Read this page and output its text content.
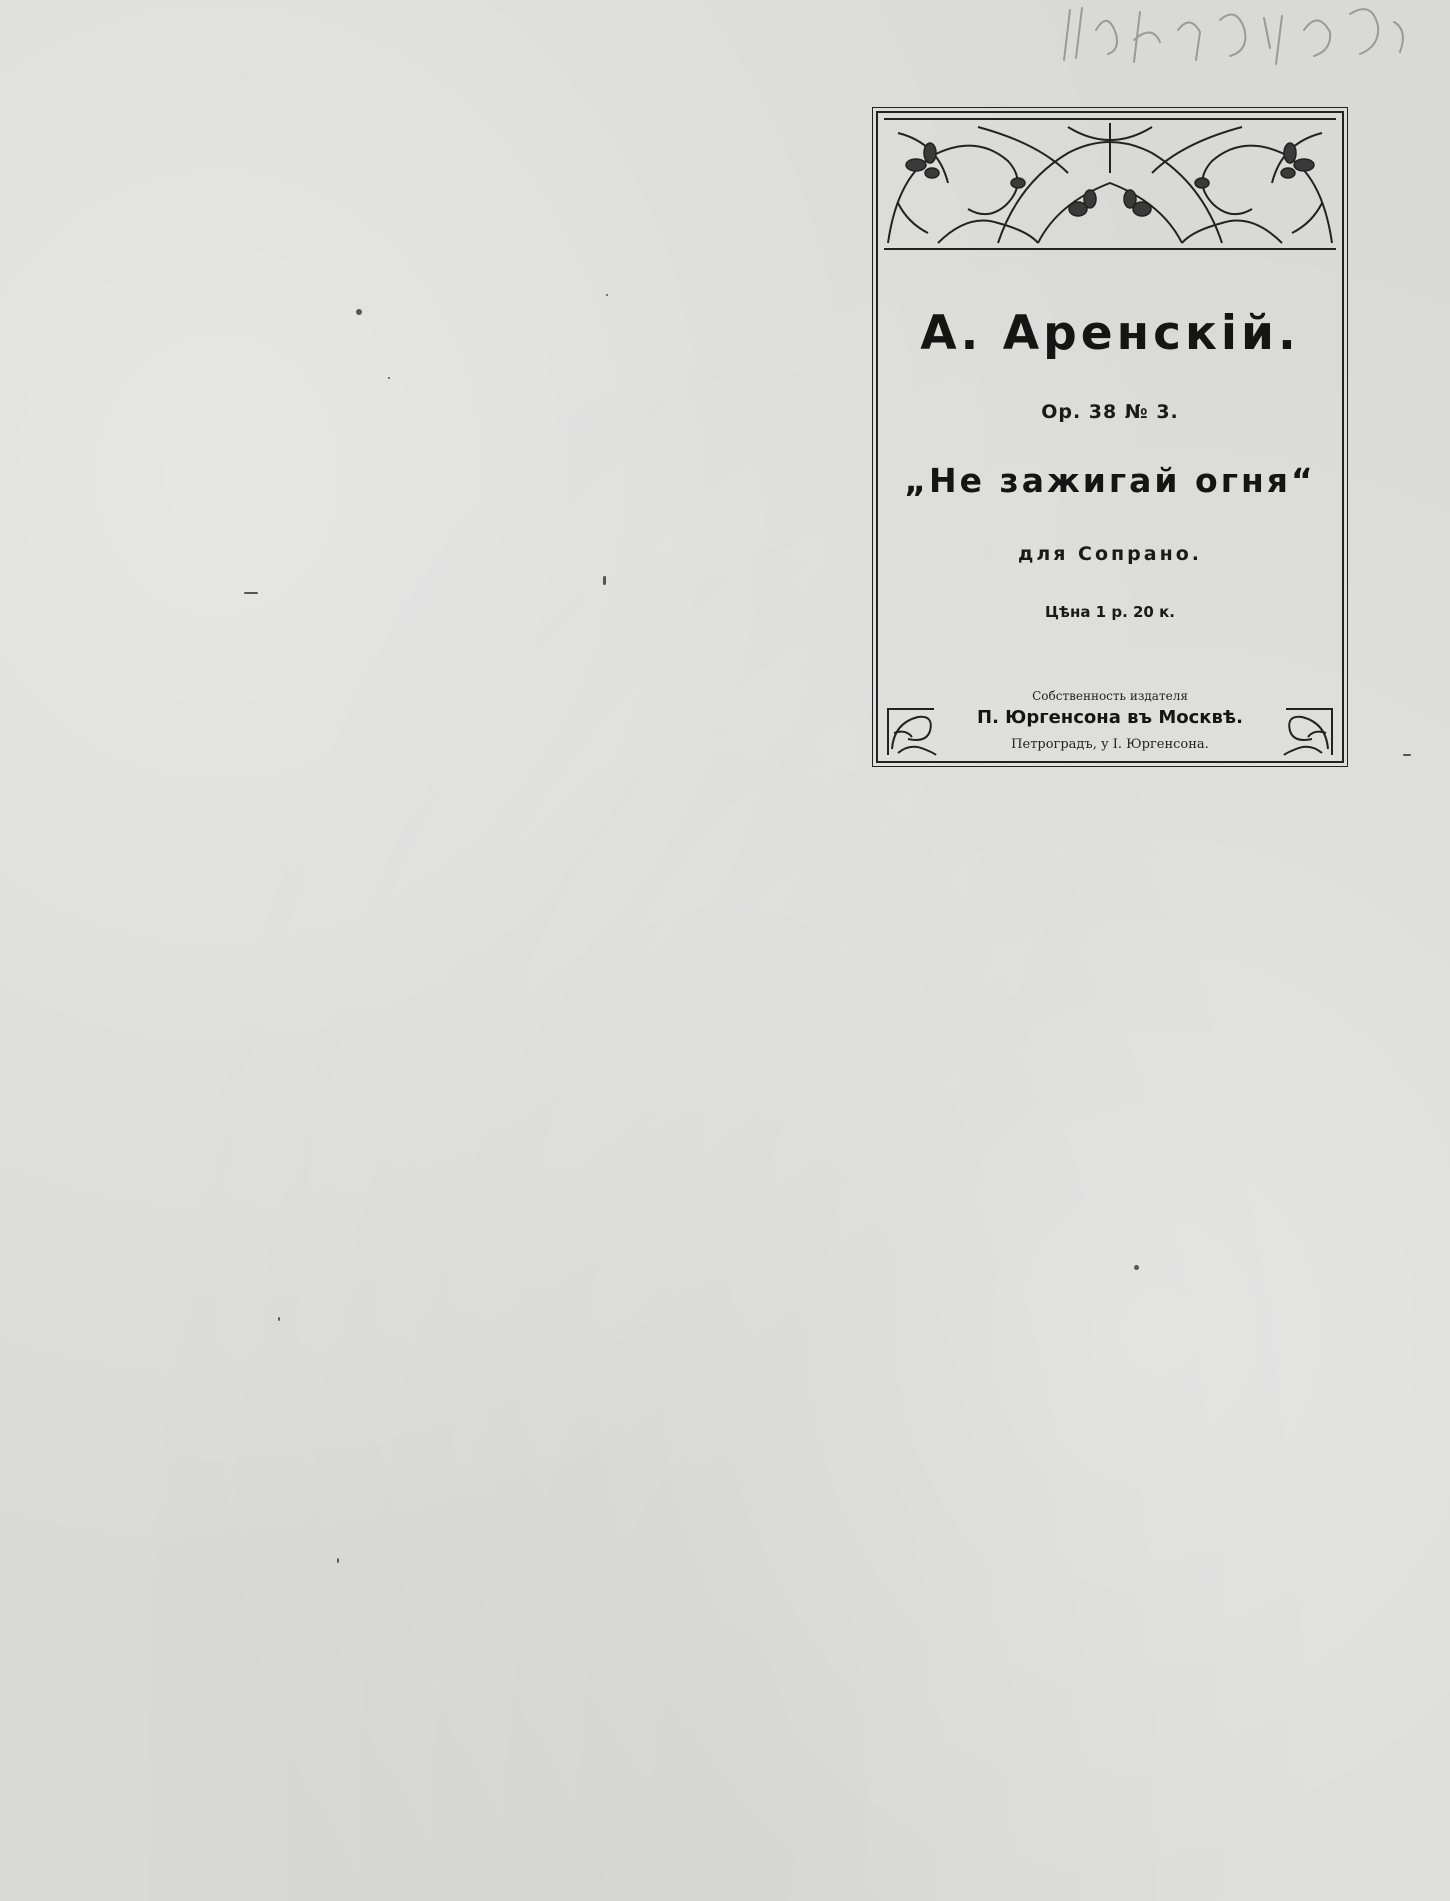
А. Аренскій.
Ор. 38 № 3.
„Не зажигай огня“
для Сопрано.
Цѣна 1 р. 20 к.
Собственность издателя
П. Юргенсона въ Москвѣ.
Петроградъ, у I. Юргенсона.
